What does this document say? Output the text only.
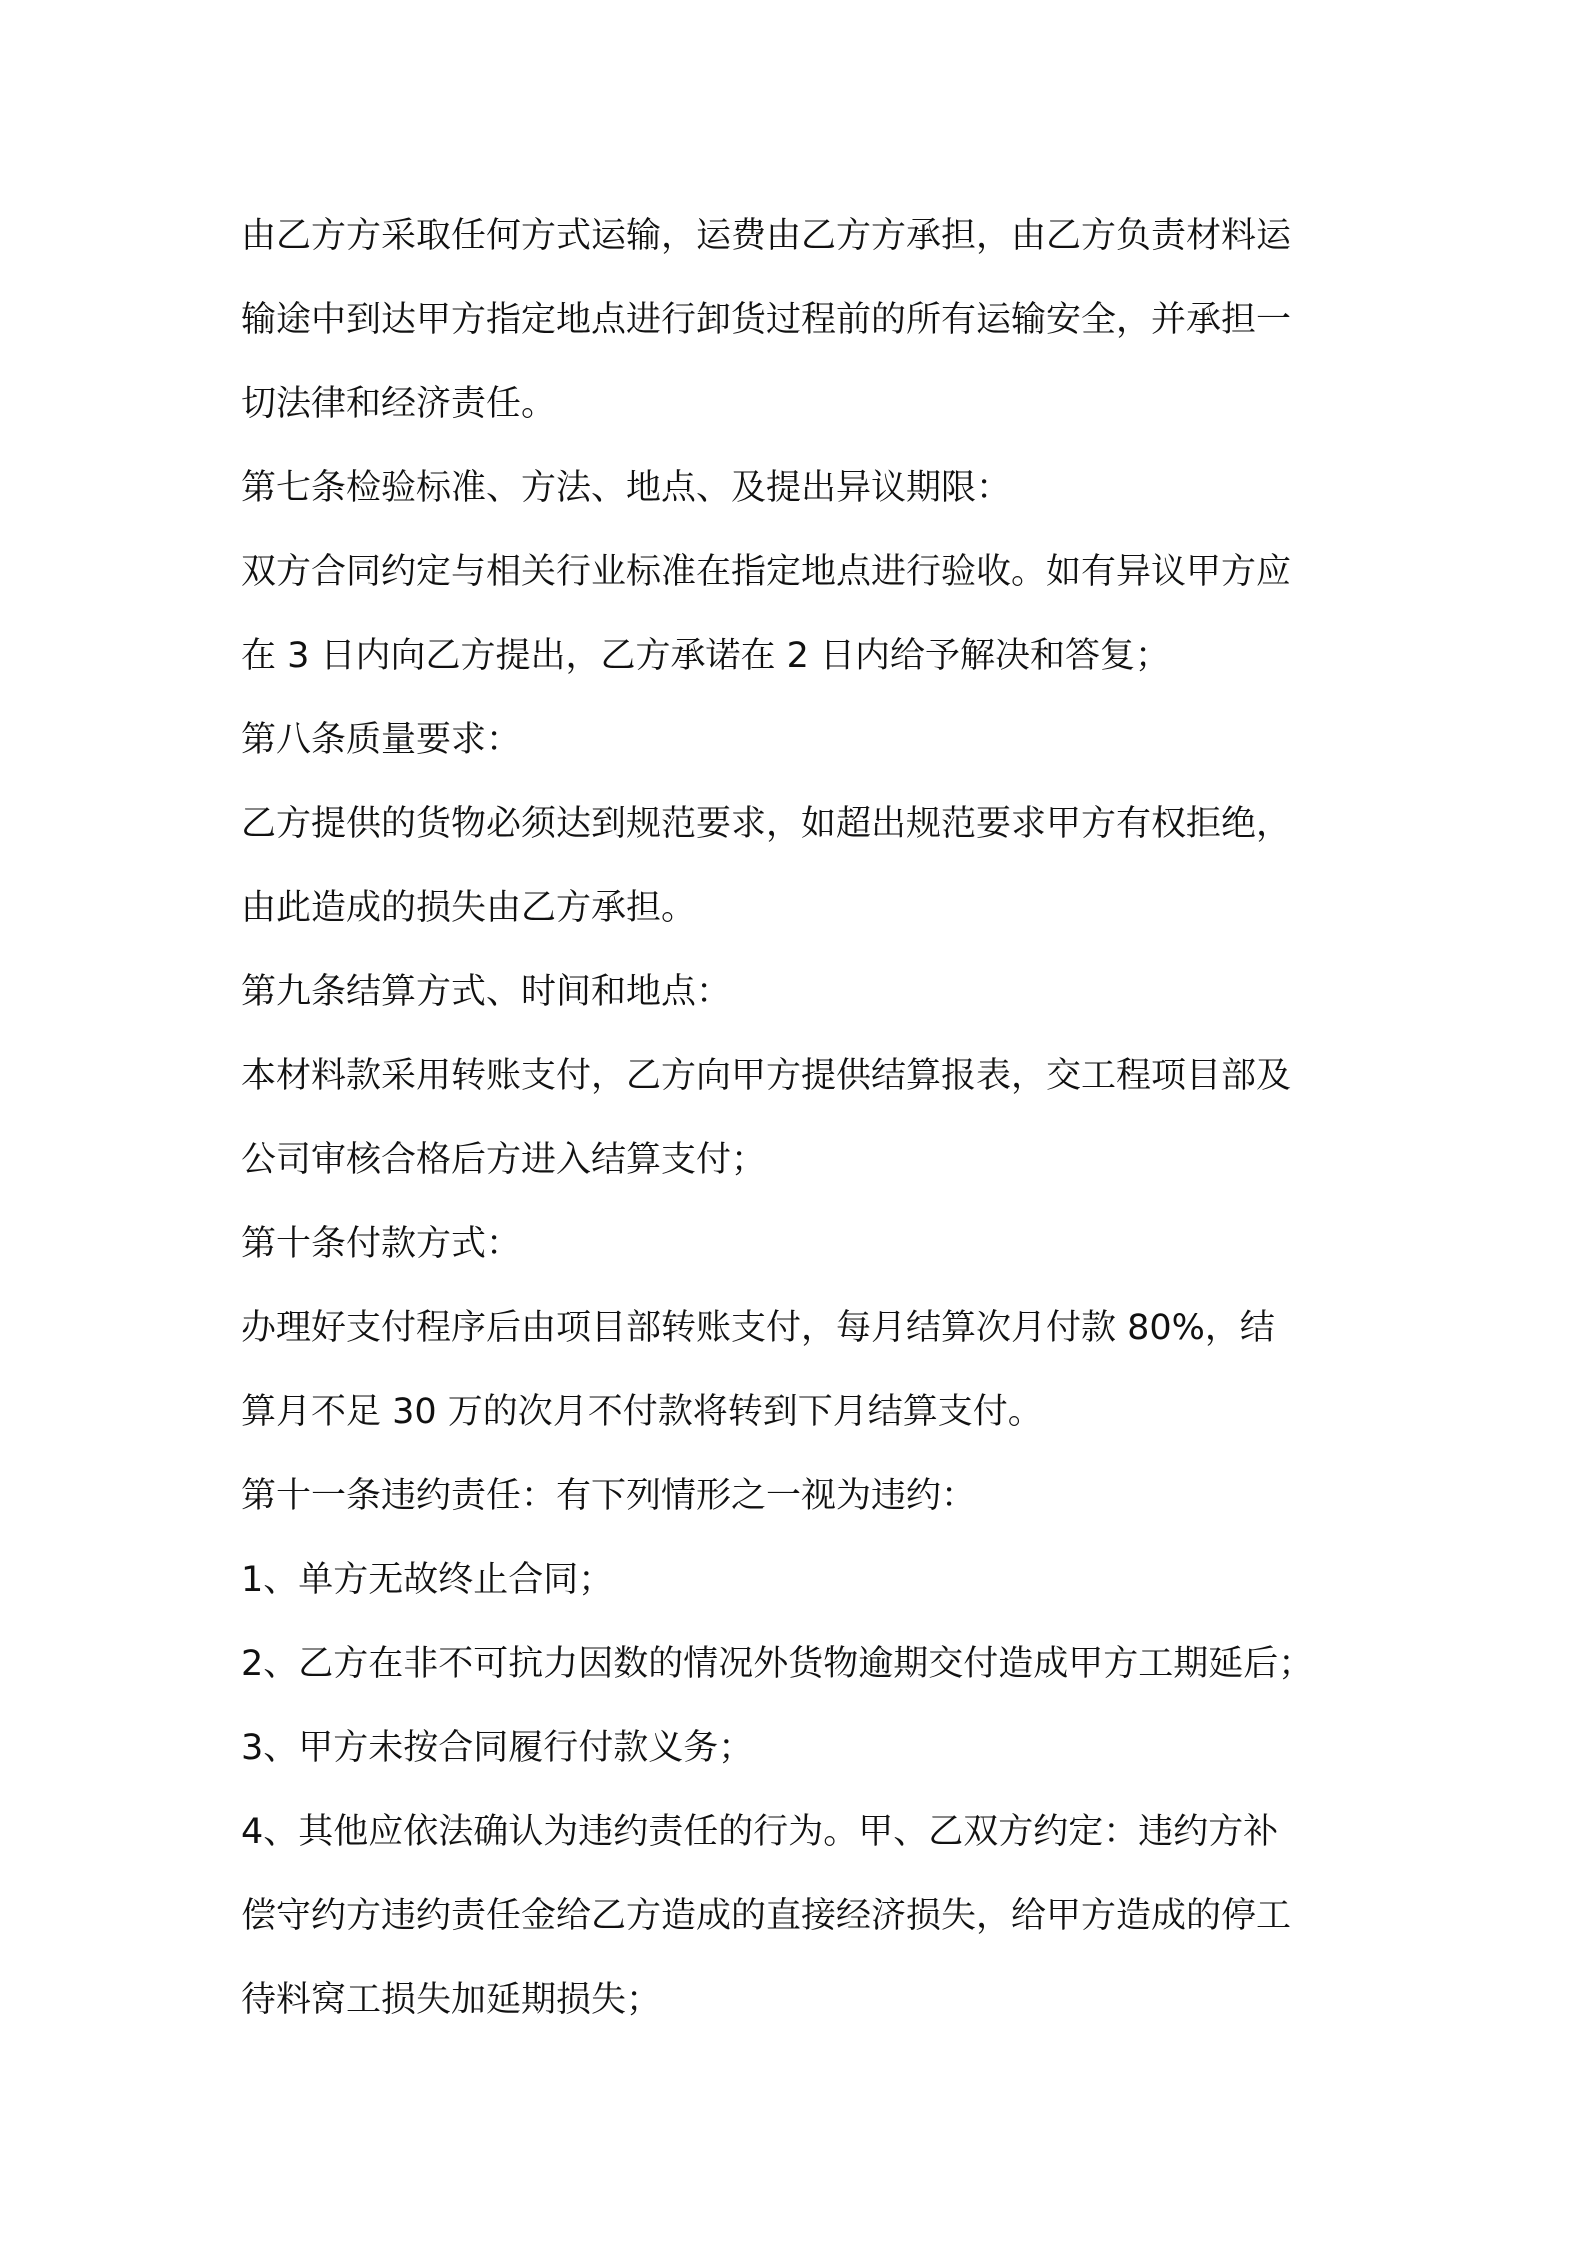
由乙方方采取任何方式运输，运费由乙方方承担，由乙方负责材料运
输途中到达甲方指定地点进行卸货过程前的所有运输安全，并承担一
切法律和经济责任。
第七条检验标准、方法、地点、及提出异议期限：
双方合同约定与相关行业标准在指定地点进行验收。如有异议甲方应
在 3 日内向乙方提出，乙方承诺在 2 日内给予解决和答复；
第八条质量要求：
乙方提供的货物必须达到规范要求，如超出规范要求甲方有权拒绝，
由此造成的损失由乙方承担。
第九条结算方式、时间和地点：
本材料款采用转账支付，乙方向甲方提供结算报表，交工程项目部及
公司审核合格后方进入结算支付；
第十条付款方式：
办理好支付程序后由项目部转账支付，每月结算次月付款 80%，结
算月不足 30 万的次月不付款将转到下月结算支付。
第十一条违约责任：有下列情形之一视为违约：
1、单方无故终止合同；
2、乙方在非不可抗力因数的情况外货物逾期交付造成甲方工期延后；
3、甲方未按合同履行付款义务；
4、其他应依法确认为违约责任的行为。甲、乙双方约定：违约方补
偿守约方违约责任金给乙方造成的直接经济损失，给甲方造成的停工
待料窝工损失加延期损失；
